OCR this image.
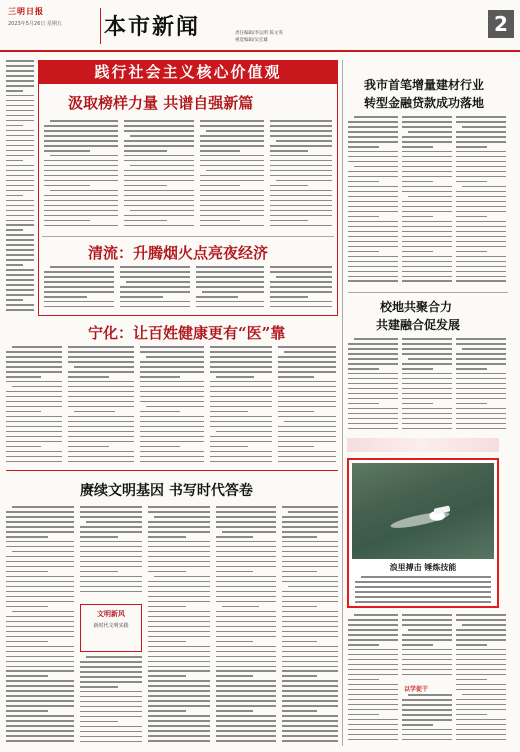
三明日报
2023年5月26日 星期五 本市新闻	责任编辑/李运明 陈文英
视觉编辑/吴宏雄
2
践行社会主义核心价值观
汲取榜样力量 共谱自强新篇
清流：升腾烟火点亮夜经济
宁化：让百姓健康更有“医”靠
赓续文明基因 书写时代答卷
文明新风
新时代文明实践
我市首笔增量建材行业
转型金融贷款成功落地
校地共聚合力
共建融合促发展
浪里搏击 锤炼技能
以学促干
